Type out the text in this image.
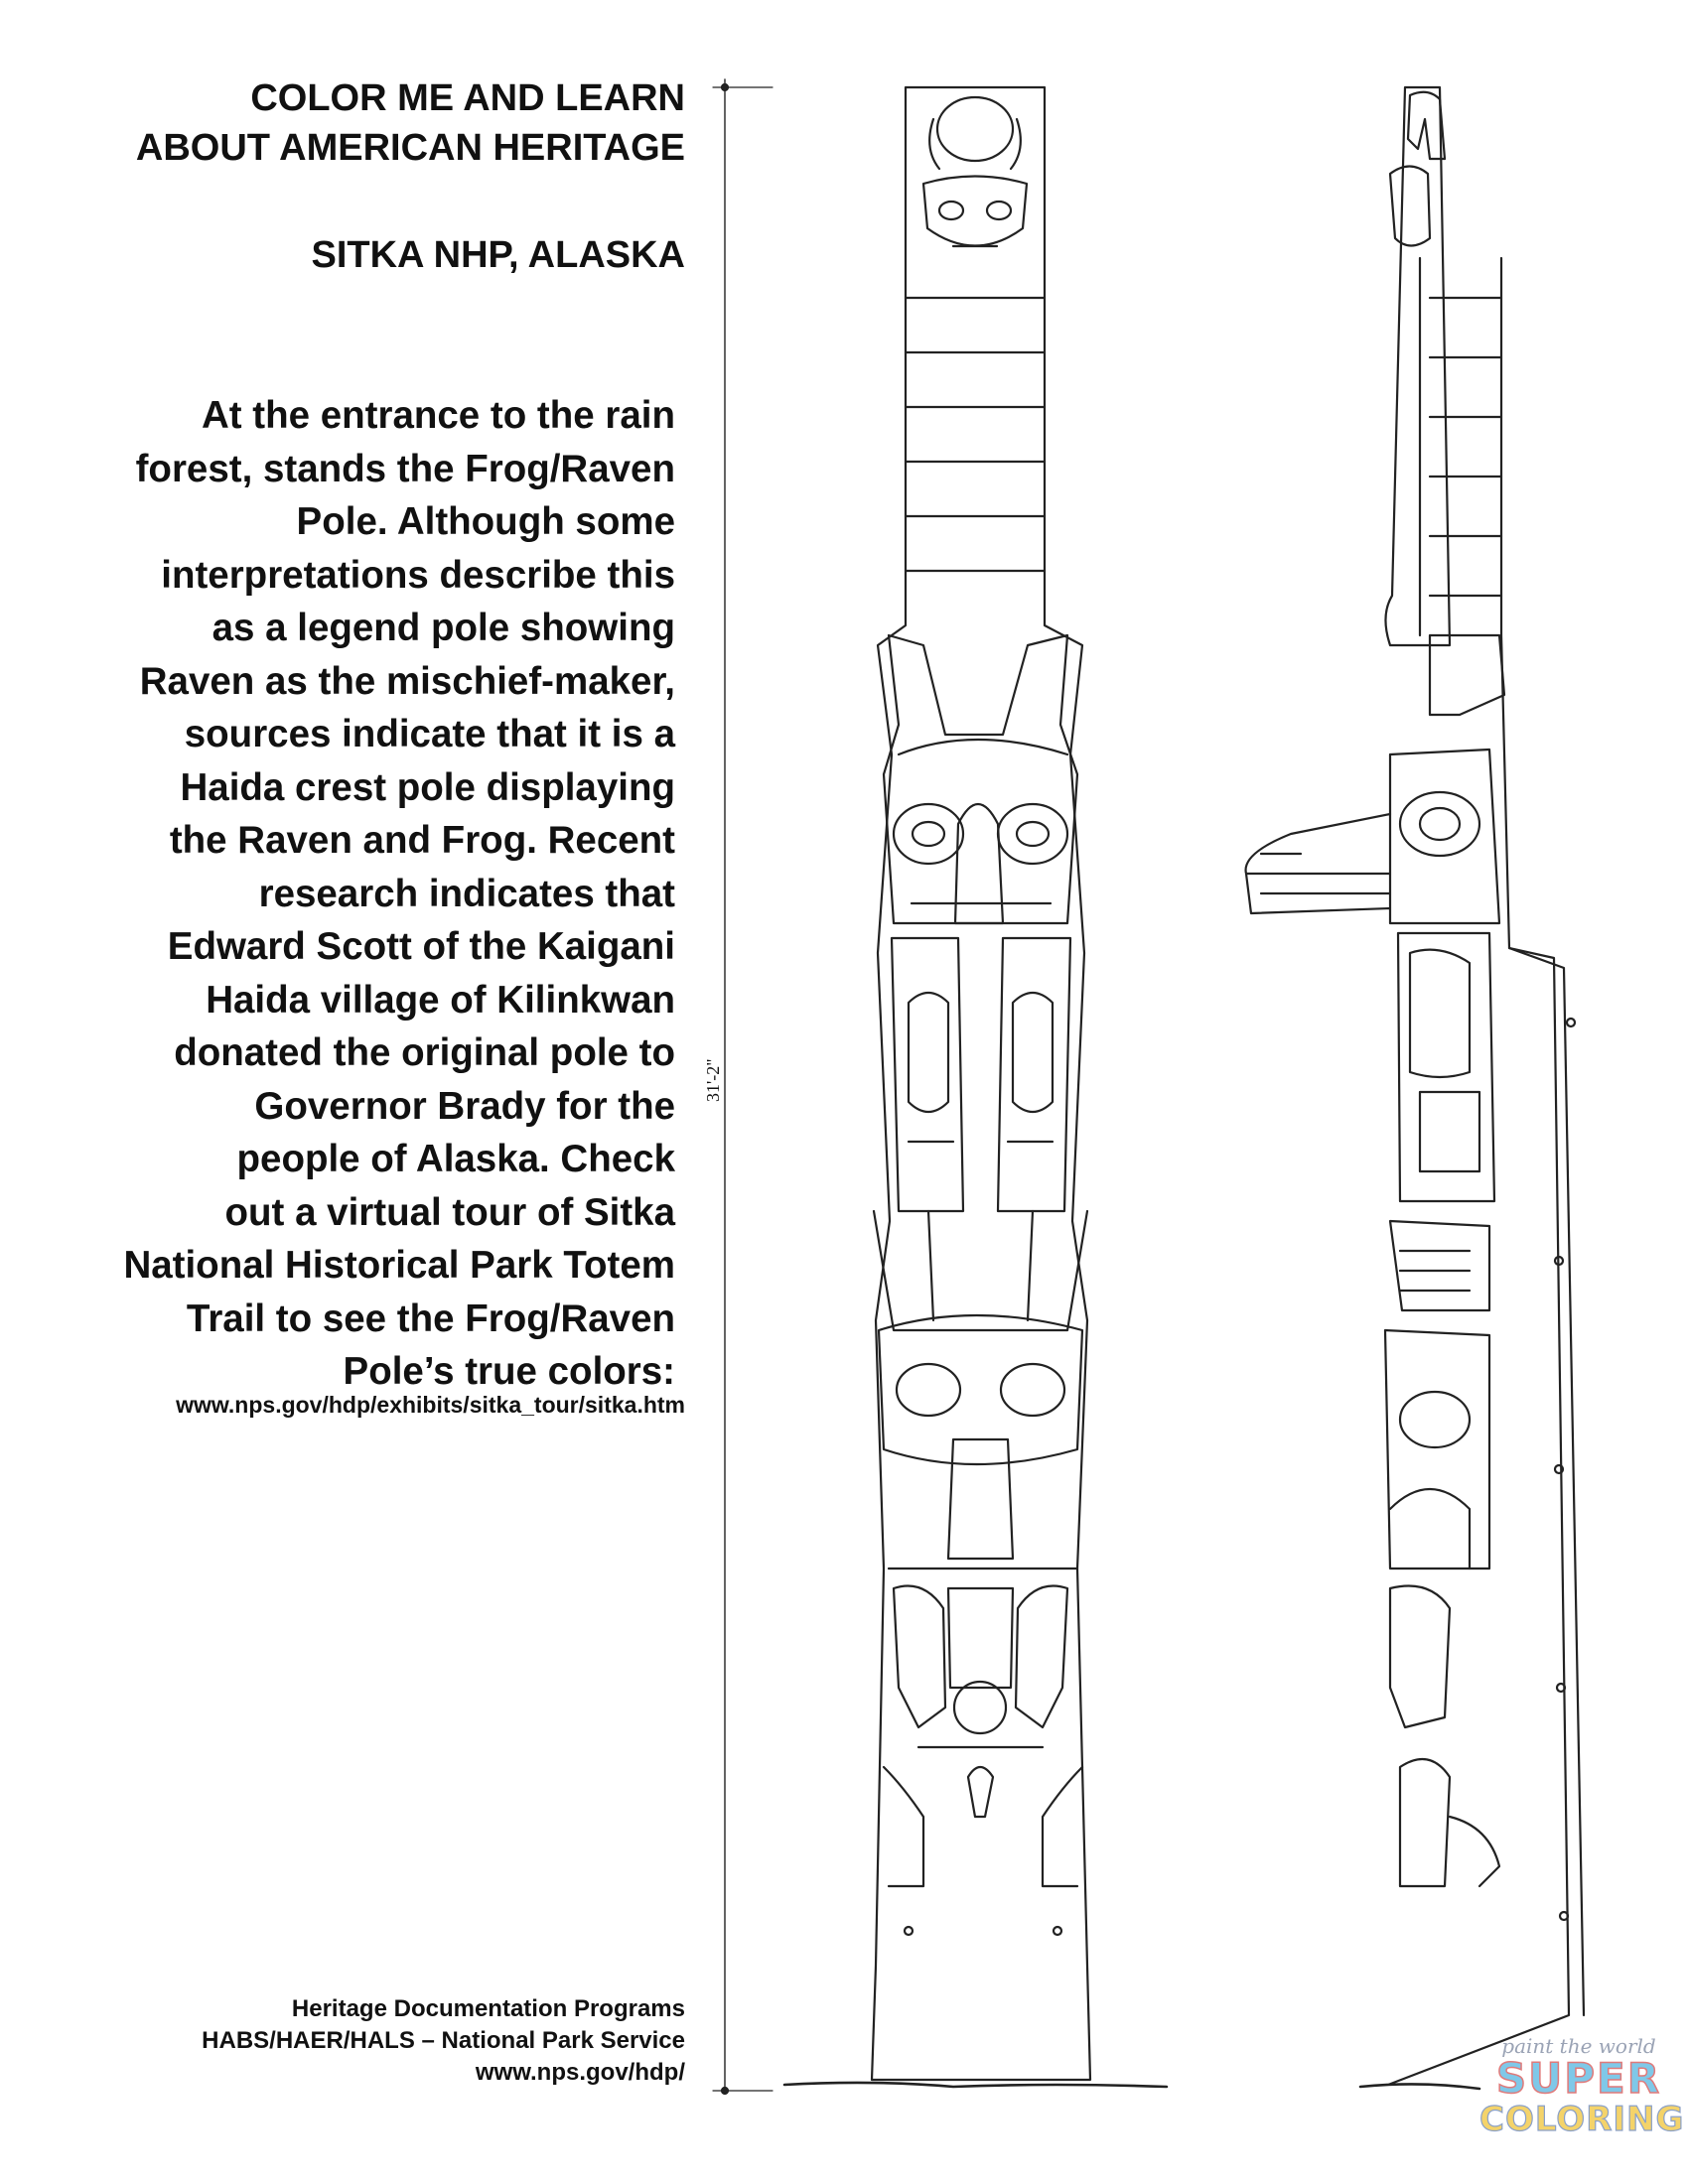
COLOR ME AND LEARN
ABOUT AMERICAN HERITAGE
SITKA NHP, ALASKA
At the entrance to the rain
forest, stands the Frog/Raven
Pole. Although some
interpretations describe this
as a legend pole showing
Raven as the mischief-maker,
sources indicate that it is a
Haida crest pole displaying
the Raven and Frog. Recent
research indicates that
Edward Scott of the Kaigani
Haida village of Kilinkwan
donated the original pole to
Governor Brady for the
people of Alaska. Check
out a virtual tour of Sitka
National Historical Park Totem
Trail to see the Frog/Raven
Pole’s true colors:
www.nps.gov/hdp/exhibits/sitka_tour/sitka.htm
Heritage Documentation Programs
HABS/HAER/HALS – National Park Service
www.nps.gov/hdp/
31'-2"
paint the world
SUPER
COLORING
